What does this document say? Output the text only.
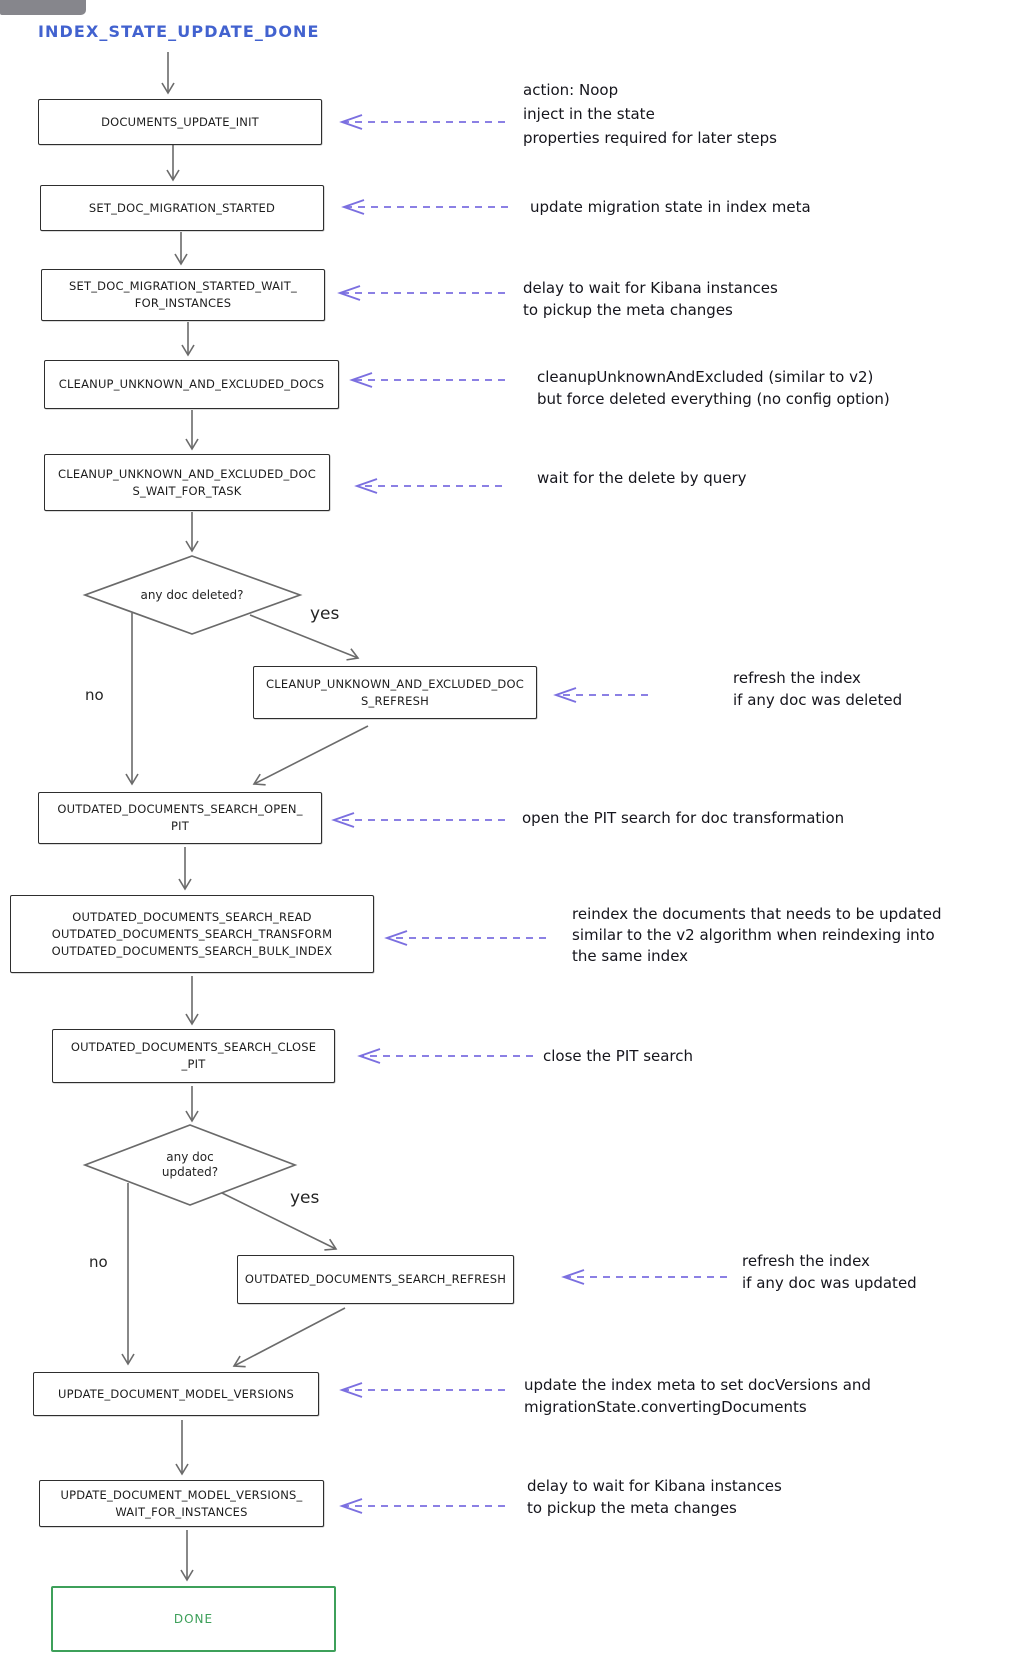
INDEX_STATE_UPDATE_DONE
DOCUMENTS_UPDATE_INIT
SET_DOC_MIGRATION_STARTED
SET_DOC_MIGRATION_STARTED_WAIT_
FOR_INSTANCES
CLEANUP_UNKNOWN_AND_EXCLUDED_DOCS
CLEANUP_UNKNOWN_AND_EXCLUDED_DOC
S_WAIT_FOR_TASK
CLEANUP_UNKNOWN_AND_EXCLUDED_DOC
S_REFRESH
OUTDATED_DOCUMENTS_SEARCH_OPEN_
PIT
OUTDATED_DOCUMENTS_SEARCH_READ
OUTDATED_DOCUMENTS_SEARCH_TRANSFORM
OUTDATED_DOCUMENTS_SEARCH_BULK_INDEX
OUTDATED_DOCUMENTS_SEARCH_CLOSE
_PIT
OUTDATED_DOCUMENTS_SEARCH_REFRESH
UPDATE_DOCUMENT_MODEL_VERSIONS
UPDATE_DOCUMENT_MODEL_VERSIONS_
WAIT_FOR_INSTANCES
DONE
any doc deleted?
any doc
updated?
yes
no
yes
no
action: Noop
inject in the state
properties required for later steps
update migration state in index meta
delay to wait for Kibana instances
to pickup the meta changes
cleanupUnknownAndExcluded (similar to v2)
but force deleted everything (no config option)
wait for the delete by query
refresh the index
if any doc was deleted
open the PIT search for doc transformation
reindex the documents that needs to be updated
similar to the v2 algorithm when reindexing into
the same index
close the PIT search
refresh the index
if any doc was updated
update the index meta to set docVersions and
migrationState.convertingDocuments
delay to wait for Kibana instances
to pickup the meta changes
